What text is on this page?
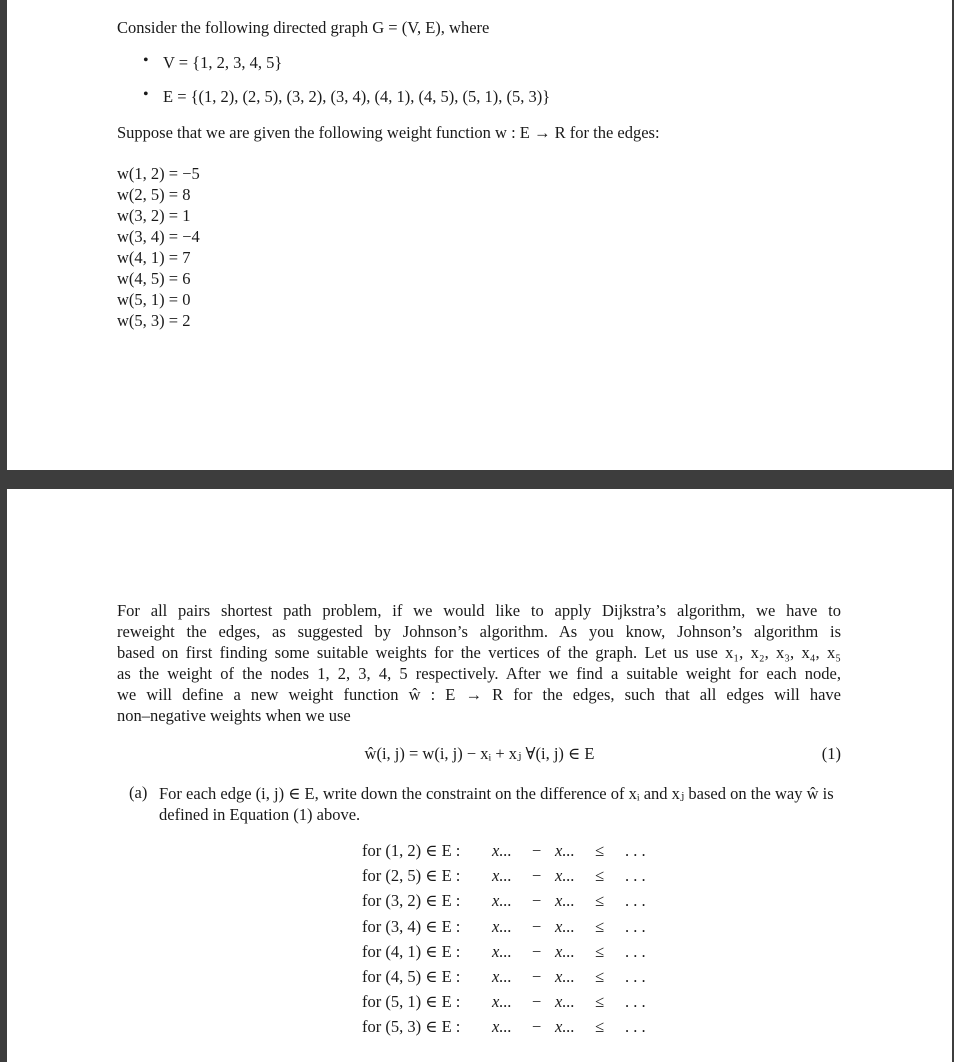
Consider the following directed graph G = (V, E), where
• V = {1, 2, 3, 4, 5}
• E = {(1, 2), (2, 5), (3, 2), (3, 4), (4, 1), (4, 5), (5, 1), (5, 3)}
Suppose that we are given the following weight function w : E → R for the edges:
w(1, 2) = −5
w(2, 5) = 8
w(3, 2) = 1
w(3, 4) = −4
w(4, 1) = 7
w(4, 5) = 6
w(5, 1) = 0
w(5, 3) = 2
For all pairs shortest path problem, if we would like to apply Dijkstra’s algorithm, we have to
reweight the edges, as suggested by Johnson’s algorithm. As you know, Johnson’s algorithm is
based on first finding some suitable weights for the vertices of the graph. Let us use x₁, x₂, x₃, x₄, x₅
as the weight of the nodes 1, 2, 3, 4, 5 respectively. After we find a suitable weight for each node,
we will define a new weight function ŵ : E → R for the edges, such that all edges will have
non–negative weights when we use
ŵ(i, j) = w(i, j) − xᵢ + xⱼ ∀(i, j) ∈ E	(1)
(a) For each edge (i, j) ∈ E, write down the constraint on the difference of xᵢ and xⱼ based on the way ŵ is defined in Equation (1) above.
for (1, 2) ∈ E : x... − x... ≤ . . .
for (2, 5) ∈ E : x... − x... ≤ . . .
for (3, 2) ∈ E : x... − x... ≤ . . .
for (3, 4) ∈ E : x... − x... ≤ . . .
for (4, 1) ∈ E : x... − x... ≤ . . .
for (4, 5) ∈ E : x... − x... ≤ . . .
for (5, 1) ∈ E : x... − x... ≤ . . .
for (5, 3) ∈ E : x... − x... ≤ . . .
